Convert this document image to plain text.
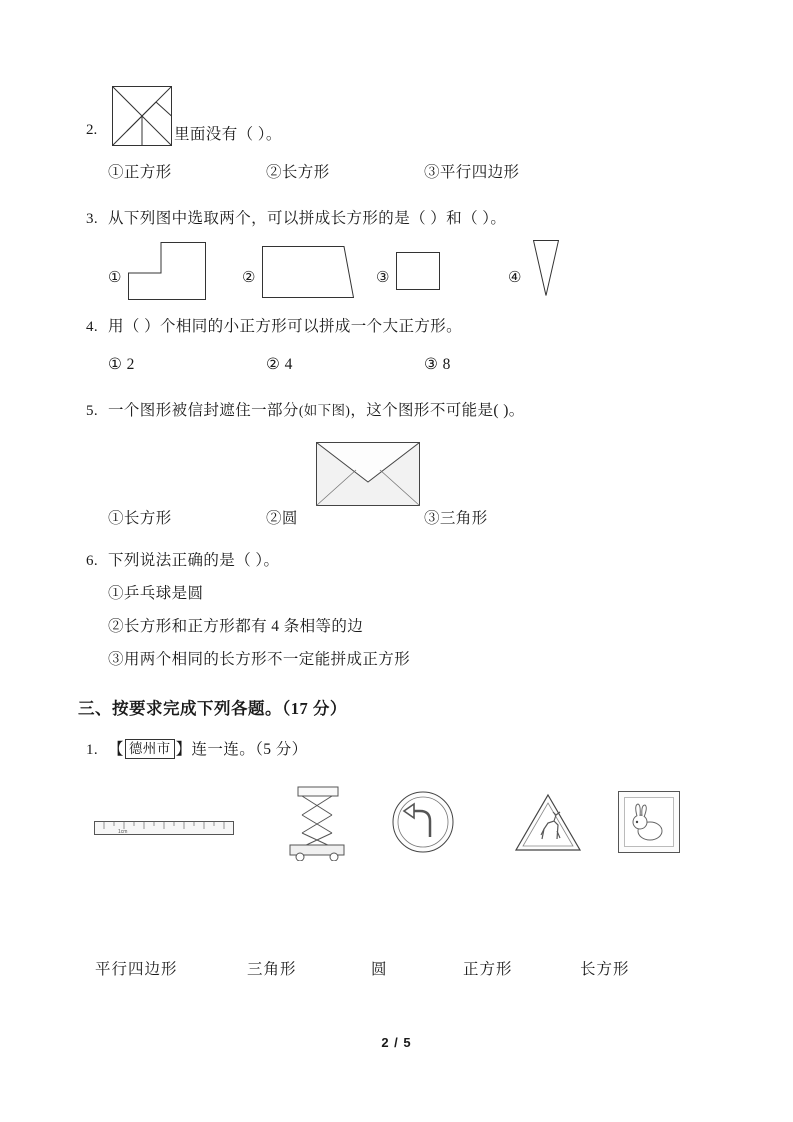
2.	里面没有（ ）。
①正方形	②长方形	③平行四边形
3. 从下列图中选取两个，可以拼成长方形的是（ ）和（ ）。
①	②	③	④
4. 用（ ）个相同的小正方形可以拼成一个大正方形。
① 2	② 4	③ 8
5. 一个图形被信封遮住一部分(如下图)，这个图形不可能是( )。
①长方形	②圆	③三角形
6. 下列说法正确的是（ ）。
①乒乓球是圆
②长方形和正方形都有 4 条相等的边
③用两个相同的长方形不一定能拼成正方形
三、按要求完成下列各题。（17 分）
1. 【 德州市 】连一连。（5 分）
1cm
平行四边形	三角形	圆	正方形	长方形
2 / 5
